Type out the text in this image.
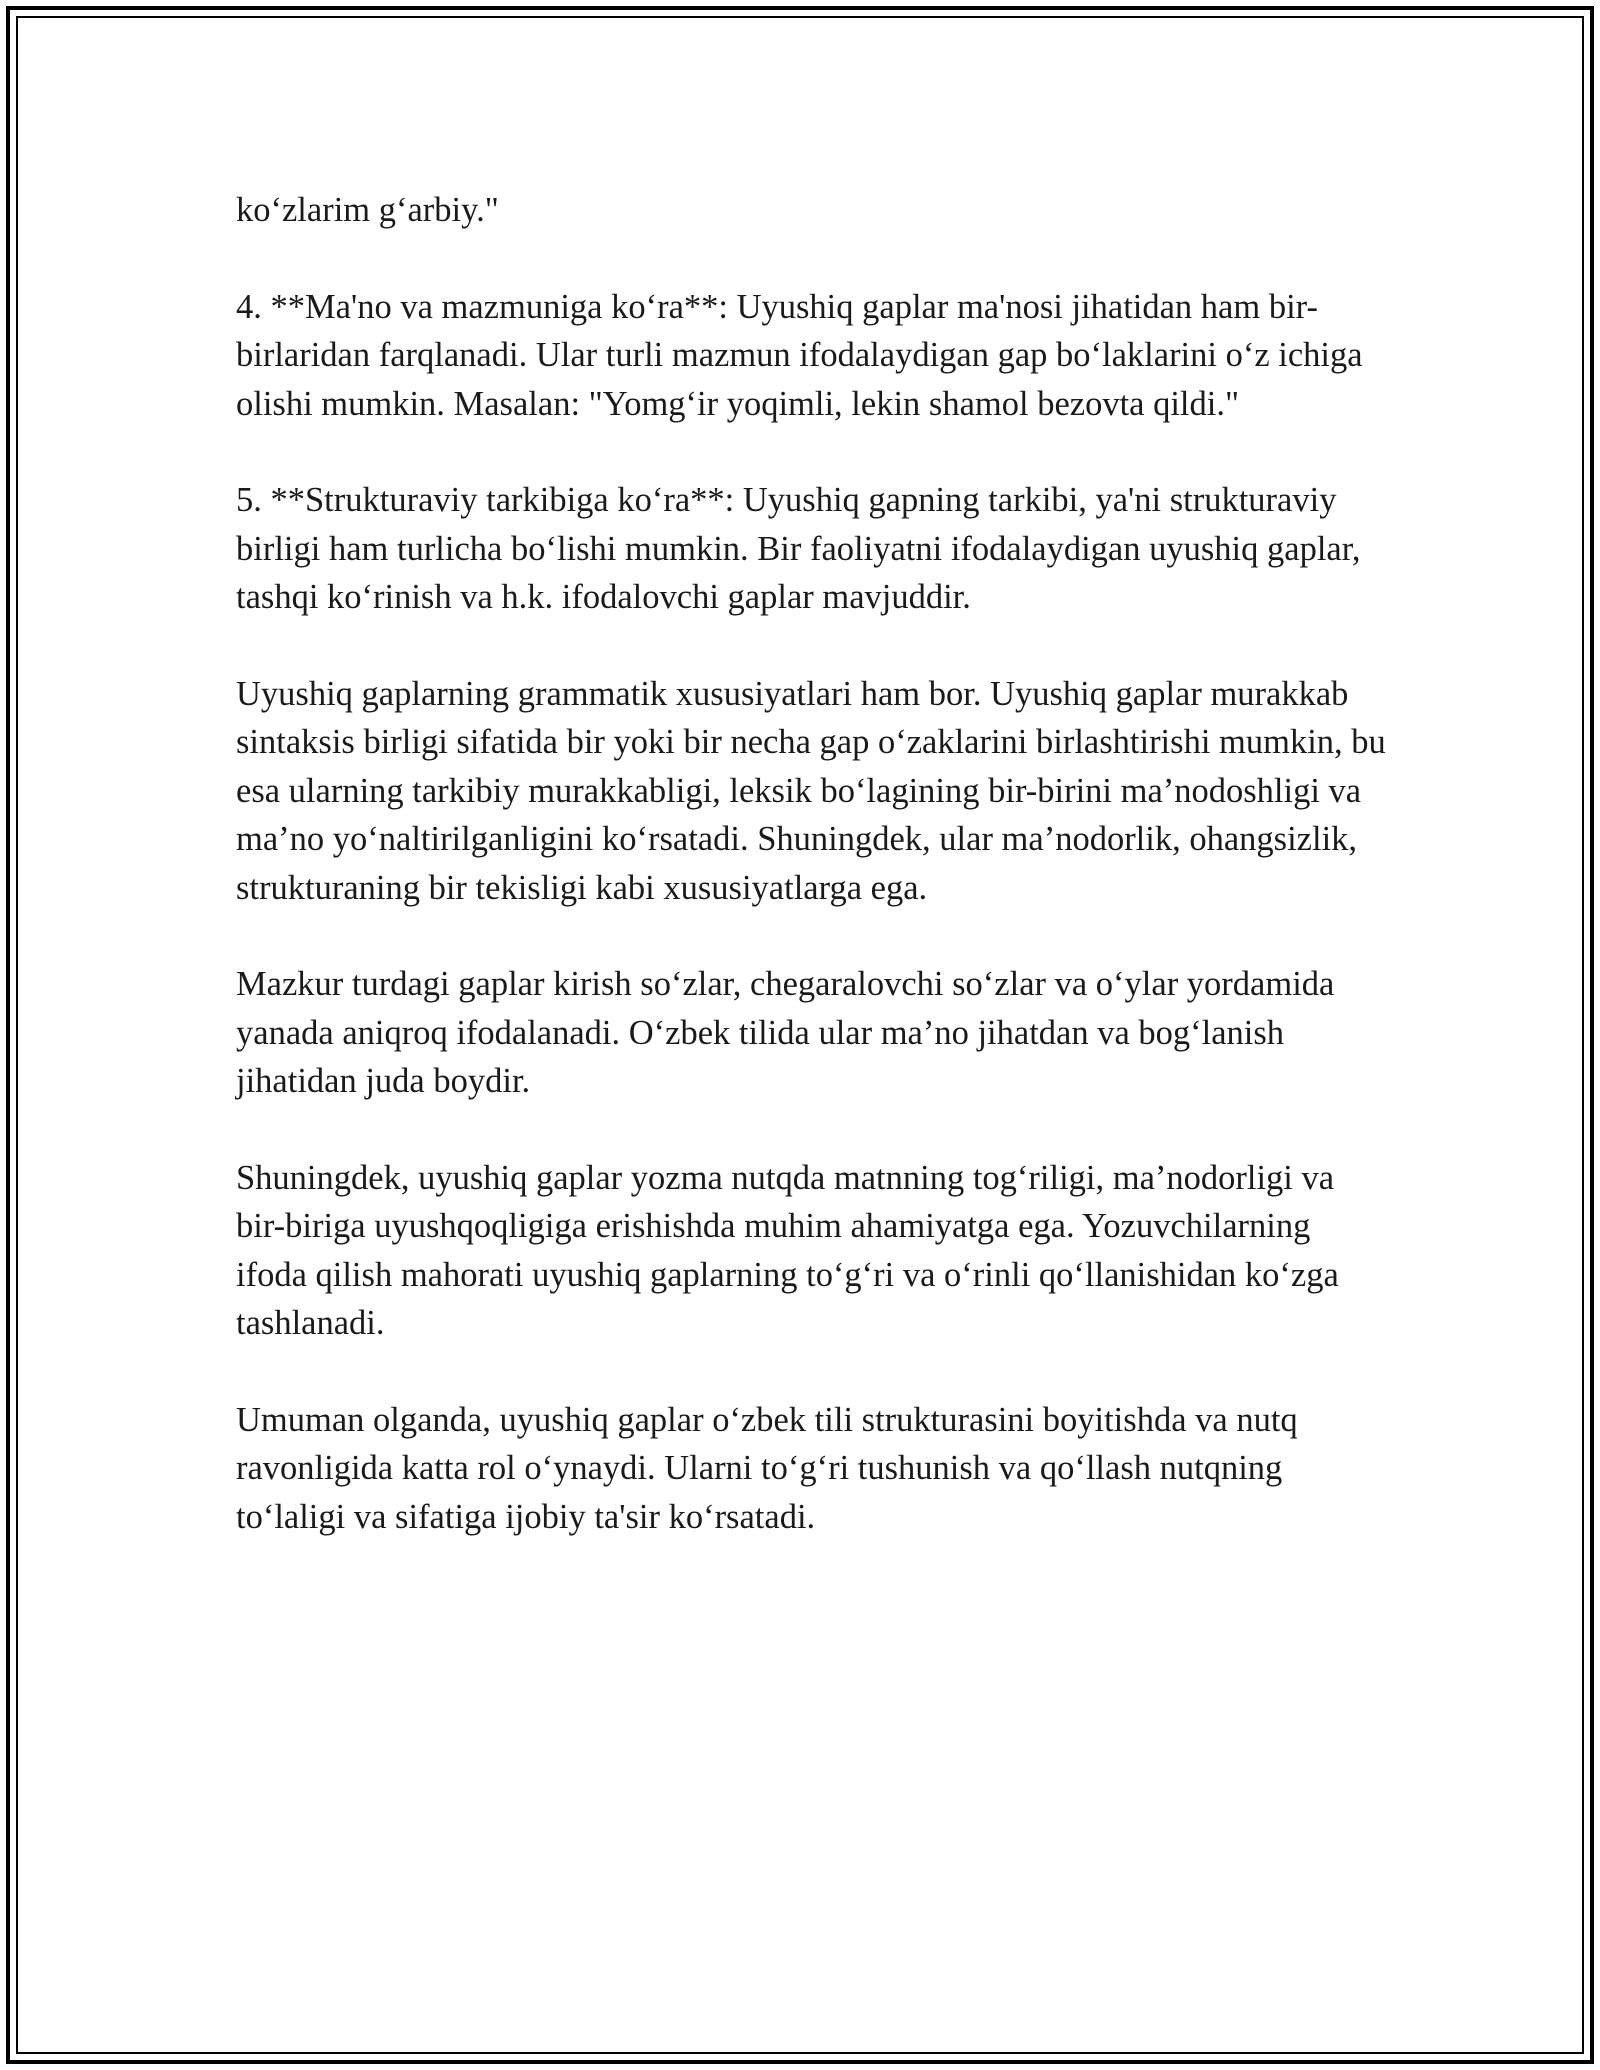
ko‘zlarim g‘arbiy."

4. **Ma'no va mazmuniga ko‘ra**: Uyushiq gaplar ma'nosi jihatidan ham bir-birlaridan farqlanadi. Ular turli mazmun ifodalaydigan gap bo‘laklarini o‘z ichiga olishi mumkin. Masalan: "Yomg‘ir yoqimli, lekin shamol bezovta qildi."

5. **Strukturaviy tarkibiga ko‘ra**: Uyushiq gapning tarkibi, ya'ni strukturaviy birligi ham turlicha bo‘lishi mumkin. Bir faoliyatni ifodalaydigan uyushiq gaplar, tashqi ko‘rinish va h.k. ifodalovchi gaplar mavjuddir.

Uyushiq gaplarning grammatik xususiyatlari ham bor. Uyushiq gaplar murakkab sintaksis birligi sifatida bir yoki bir necha gap o‘zaklarini birlashtirishi mumkin, bu esa ularning tarkibiy murakkabligi, leksik bo‘lagining bir-birini ma’nodoshligi va ma’no yo‘naltirilganligini ko‘rsatadi. Shuningdek, ular ma’nodorlik, ohangsizlik, strukturaning bir tekisligi kabi xususiyatlarga ega.

Mazkur turdagi gaplar kirish so‘zlar, chegaralovchi so‘zlar va o‘ylar yordamida yanada aniqroq ifodalanadi. O‘zbek tilida ular ma’no jihatdan va bog‘lanish jihatidan juda boydir.

Shuningdek, uyushiq gaplar yozma nutqda matnning tog‘riligi, ma’nodorligi va bir-biriga uyushqoqligiga erishishda muhim ahamiyatga ega. Yozuvchilarning ifoda qilish mahorati uyushiq gaplarning to‘g‘ri va o‘rinli qo‘llanishidan ko‘zga tashlanadi.

Umuman olganda, uyushiq gaplar o‘zbek tili strukturasini boyitishda va nutq ravonligida katta rol o‘ynaydi. Ularni to‘g‘ri tushunish va qo‘llash nutqning to‘laligi va sifatiga ijobiy ta'sir ko‘rsatadi.
